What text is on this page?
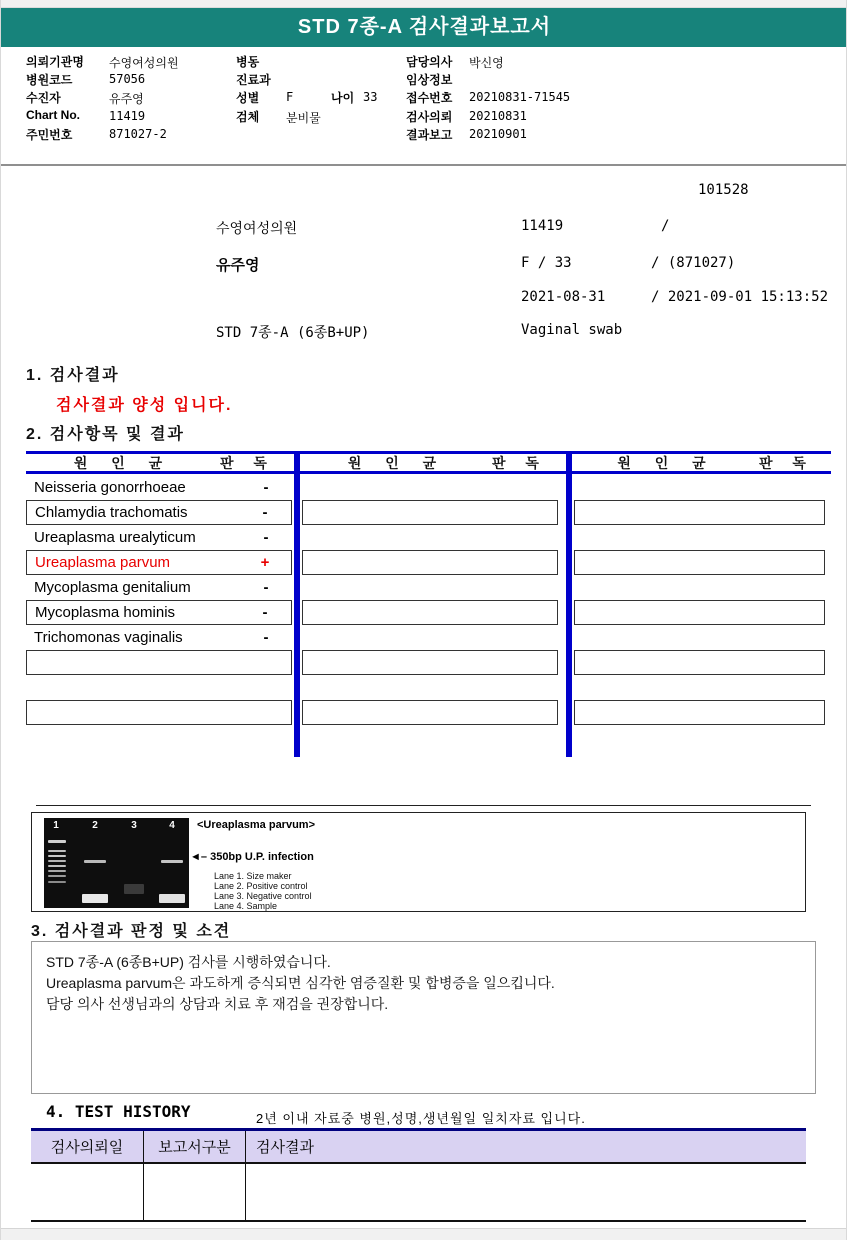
STD 7종-A 검사결과보고서
의뢰기관명 수영여성의원
병원코드	57056
수진자	유주영
Chart No. 11419
주민번호	871027-2
병동
진료과
성별 F	나이 33
검체 분비물
담당의사 박신영
임상정보
접수번호 20210831-71545
검사의뢰 20210831
결과보고 20210901
101528
수영여성의원	11419	/
유주영	F / 33	/ (871027)
2021-08-31	/ 2021-09-01 15:13:52
STD 7종-A (6종B+UP)	Vaginal swab
1. 검사결과
검사결과 양성 입니다.
2. 검사항목 및 결과
원 인 균	판 독	원 인 균	판 독	원 인 균	판 독
Neisseria gonorrhoeae	-
Chlamydia trachomatis	-
Ureaplasma urealyticum	-
Ureaplasma parvum	+
Mycoplasma genitalium	-
Mycoplasma hominis	-
Trichomonas vaginalis	-
1	2	3	4 <Ureaplasma parvum>
◄– 350bp U.P. infection
Lane 1. Size maker
Lane 2. Positive control
Lane 3. Negative control
Lane 4. Sample
3. 검사결과 판정 및 소견
STD 7종-A (6종B+UP) 검사를 시행하였습니다.
Ureaplasma parvum은 과도하게 증식되면 심각한 염증질환 및 합병증을 일으킵니다.
담당 의사 선생님과의 상담과 치료 후 재검을 권장합니다.
4. TEST HISTORY	2년 이내 자료중 병원,성명,생년월일 일치자료 입니다.
검사의뢰일	보고서구분	검사결과
